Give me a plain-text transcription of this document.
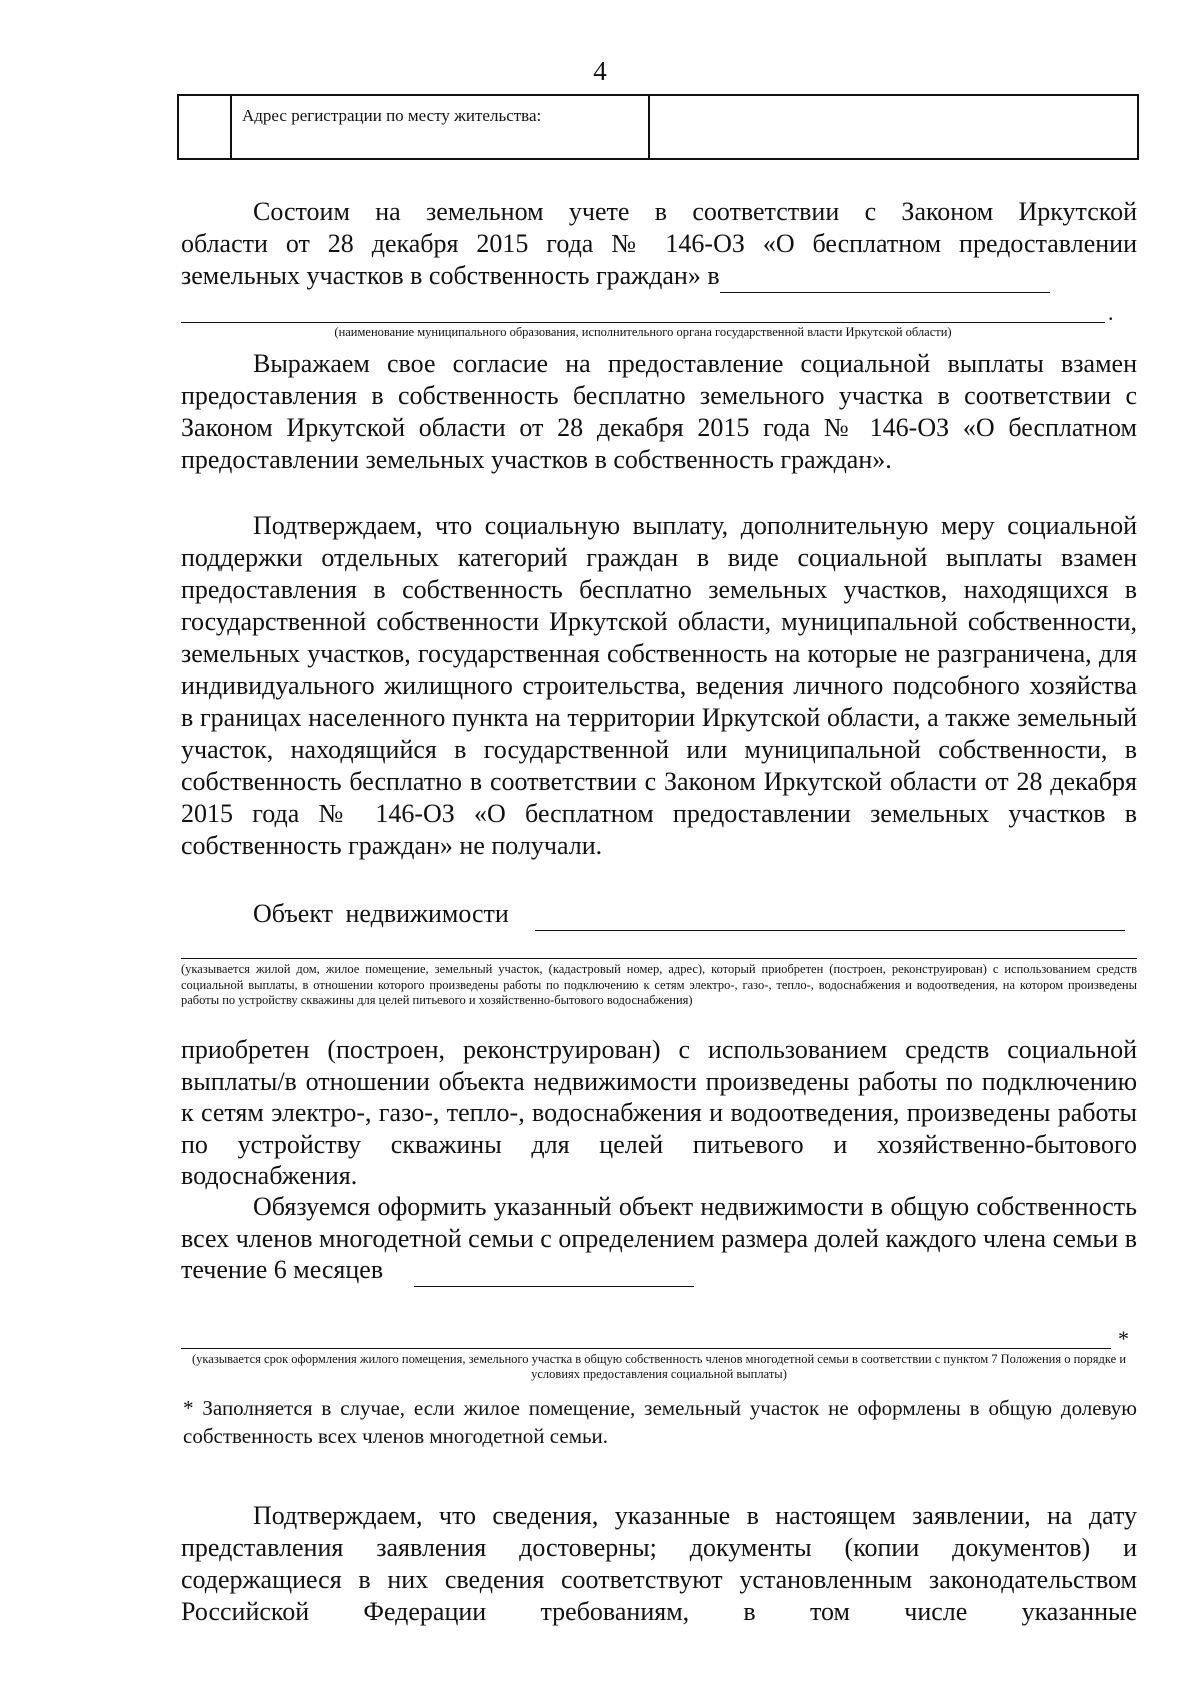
4
Адрес регистрации по месту жительства:

Состоим на земельном учете в соответствии с Законом Иркутской

области от 28 декабря 2015 года № 146-ОЗ «О бесплатном предоставлении

земельных участков в собственность граждан» в

.
(наименование муниципального образования, исполнительного органа государственной власти Иркутской области)

Выражаем свое согласие на предоставление социальной выплаты взамен предоставления в собственность бесплатно земельного участка в соответствии с Законом Иркутской области от 28 декабря 2015 года № 146-ОЗ «О бесплатном предоставлении земельных участков в собственность граждан».

Подтверждаем, что социальную выплату, дополнительную меру социальной поддержки отдельных категорий граждан в виде социальной выплаты взамен предоставления в собственность бесплатно земельных участков, находящихся в государственной собственности Иркутской области, муниципальной собственности, земельных участков, государственная собственность на которые не разграничена, для индивидуального жилищного строительства, ведения личного подсобного хозяйства в границах населенного пункта на территории Иркутской области, а также земельный участок, находящийся в государственной или муниципальной собственности, в собственность бесплатно в соответствии с Законом Иркутской области от 28 декабря 2015 года № 146-ОЗ «О бесплатном предоставлении земельных участков в собственность граждан» не получали.

Объект недвижимости

(указывается жилой дом, жилое помещение, земельный участок, (кадастровый номер, адрес), который приобретен (построен, реконструирован) с использованием средств социальной выплаты, в отношении которого произведены работы по подключению к сетям электро-, газо-, тепло-, водоснабжения и водоотведения, на котором произведены работы по устройству скважины для целей питьевого и хозяйственно-бытового водоснабжения)

приобретен (построен, реконструирован) с использованием средств социальной выплаты/в отношении объекта недвижимости произведены работы по подключению к сетям электро-, газо-, тепло-, водоснабжения и водоотведения, произведены работы по устройству скважины для целей питьевого и хозяйственно-бытового водоснабжения.

Обязуемся оформить указанный объект недвижимости в общую собственность всех членов многодетной семьи с определением размера долей каждого члена семьи в течение 6 месяцев

*
(указывается срок оформления жилого помещения, земельного участка в общую собственность членов многодетной семьи в соответствии с пунктом 7 Положения о порядке и условиях предоставления социальной выплаты)
* Заполняется в случае, если жилое помещение, земельный участок не оформлены в общую долевую собственность всех членов многодетной семьи.

Подтверждаем, что сведения, указанные в настоящем заявлении, на дату представления заявления достоверны; документы (копии документов) и содержащиеся в них сведения соответствуют установленным законодательством Российской Федерации требованиям, в том числе указанные
